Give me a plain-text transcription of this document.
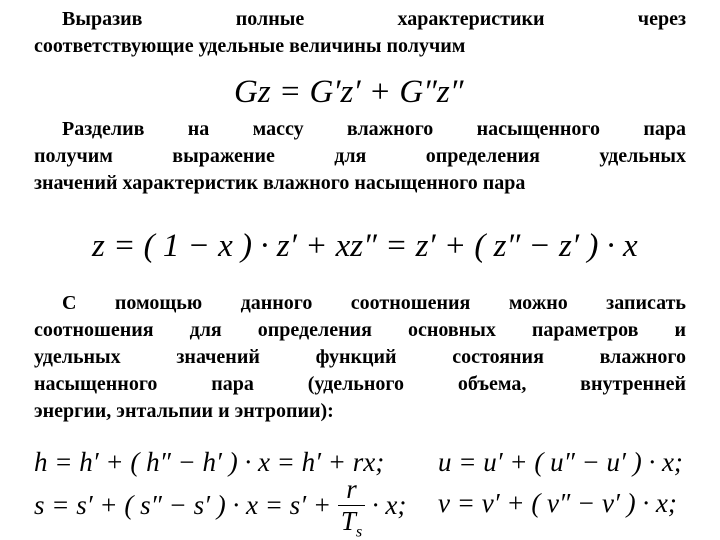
Выразив полные характеристики через
соответствующие удельные величины получим

Gz = G′z′ + G″z″

Разделив на массу влажного насыщенного пара
получим выражение для определения удельных
значений характеристик влажного насыщенного пара

z = ( 1 − x ) · z′ + xz″ = z′ + ( z″ − z′ ) · x

С помощью данного соотношения можно записать
соотношения для определения основных параметров и
удельных значений функций состояния влажного
насыщенного пара (удельного объема, внутренней
энергии, энтальпии и энтропии):

h = h′ + ( h″ − h′ ) · x = h′ + rx; u = u′ + ( u″ − u′ ) · x;
s = s′ + ( s″ − s′ ) · $x = s' + \frac{r}{T_s} \cdot x$; v = v′ + ( v″ − v′ ) · x;
